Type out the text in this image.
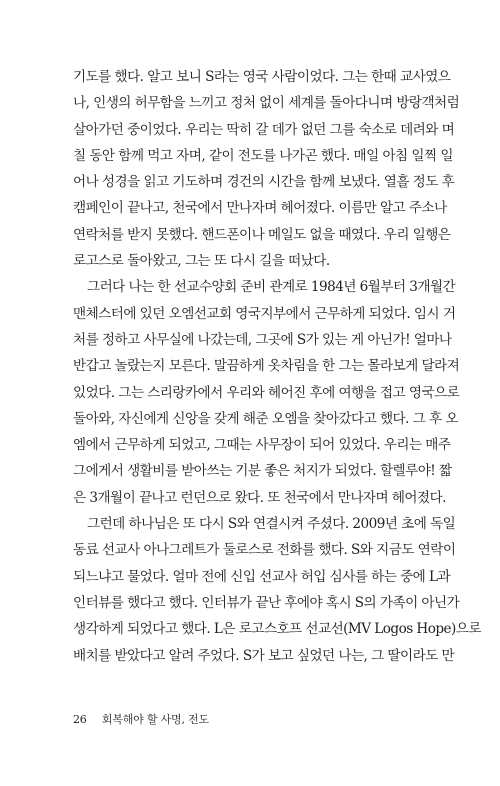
기도를 했다. 알고 보니 S라는 영국 사람이었다. 그는 한때 교사였으
나, 인생의 허무함을 느끼고 정처 없이 세계를 돌아다니며 방랑객처럼
살아가던 중이었다. 우리는 딱히 갈 데가 없던 그를 숙소로 데려와 며
칠 동안 함께 먹고 자며, 같이 전도를 나가곤 했다. 매일 아침 일찍 일
어나 성경을 읽고 기도하며 경건의 시간을 함께 보냈다. 열흘 정도 후
캠페인이 끝나고, 천국에서 만나자며 헤어졌다. 이름만 알고 주소나
연락처를 받지 못했다. 핸드폰이나 메일도 없을 때였다. 우리 일행은
로고스로 돌아왔고, 그는 또 다시 길을 떠났다.
그러다 나는 한 선교수양회 준비 관계로 1984년 6월부터 3개월간
맨체스터에 있던 오엠선교회 영국지부에서 근무하게 되었다. 임시 거
처를 정하고 사무실에 나갔는데, 그곳에 S가 있는 게 아닌가! 얼마나
반갑고 놀랐는지 모른다. 말끔하게 옷차림을 한 그는 몰라보게 달라져
있었다. 그는 스리랑카에서 우리와 헤어진 후에 여행을 접고 영국으로
돌아와, 자신에게 신앙을 갖게 해준 오엠을 찾아갔다고 했다. 그 후 오
엠에서 근무하게 되었고, 그때는 사무장이 되어 있었다. 우리는 매주
그에게서 생활비를 받아쓰는 기분 좋은 처지가 되었다. 할렐루야! 짧
은 3개월이 끝나고 런던으로 왔다. 또 천국에서 만나자며 헤어졌다.
그런데 하나님은 또 다시 S와 연결시켜 주셨다. 2009년 초에 독일
동료 선교사 아나그레트가 둘로스로 전화를 했다. S와 지금도 연락이
되느냐고 물었다. 얼마 전에 신입 선교사 허입 심사를 하는 중에 L과
인터뷰를 했다고 했다. 인터뷰가 끝난 후에야 혹시 S의 가족이 아닌가
생각하게 되었다고 했다. L은 로고스호프 선교선(MV Logos Hope)으로
배치를 받았다고 알려 주었다. S가 보고 싶었던 나는, 그 딸이라도 만
26 회복해야 할 사명, 전도
